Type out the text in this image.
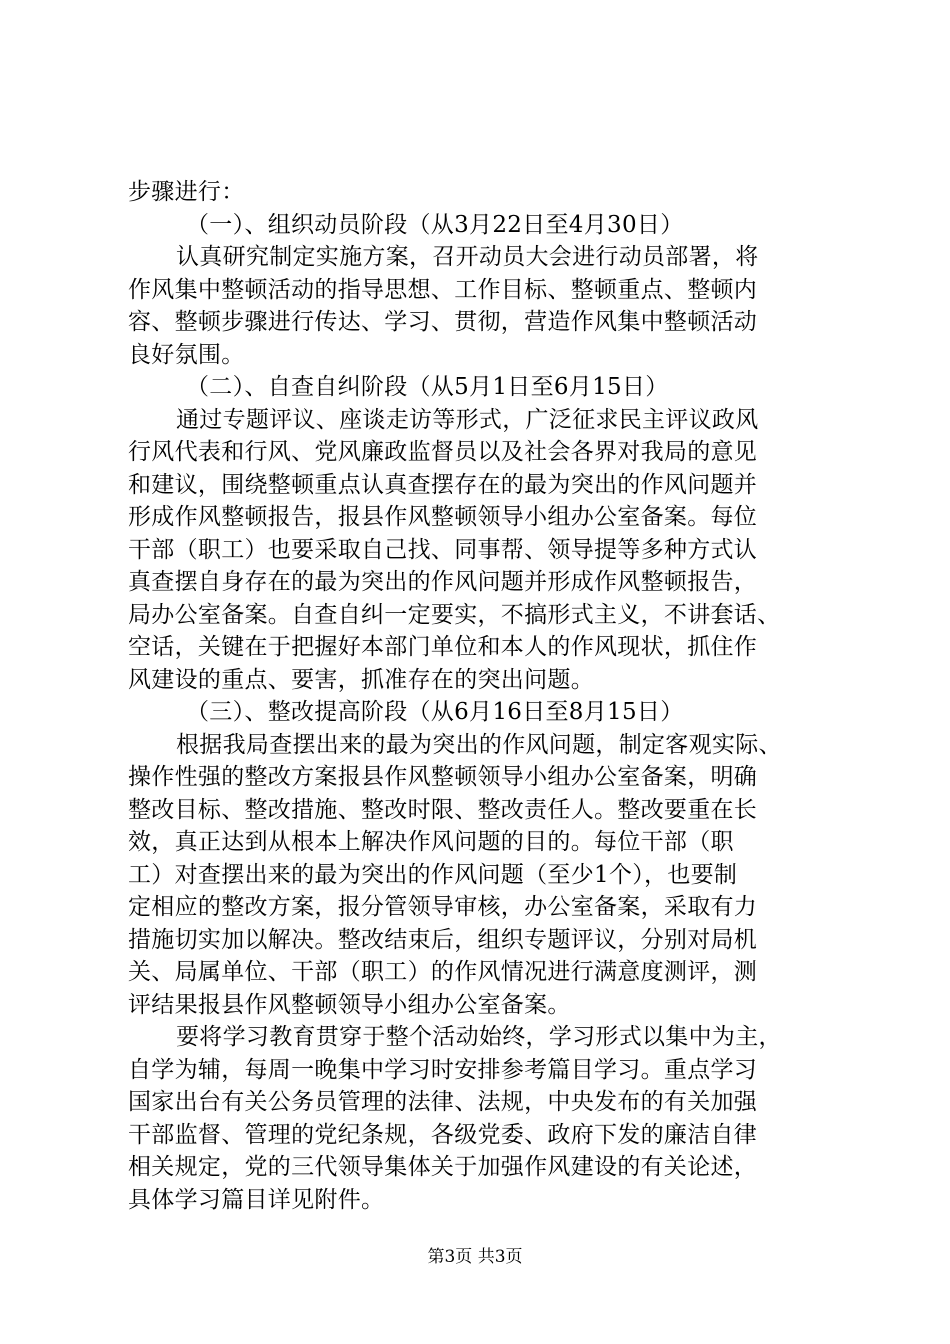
步骤进行：
（一）、组织动员阶段（从3月22日至4月30日）
认真研究制定实施方案，召开动员大会进行动员部署，将
作风集中整顿活动的指导思想、工作目标、整顿重点、整顿内
容、整顿步骤进行传达、学习、贯彻，营造作风集中整顿活动
良好氛围。
（二）、自查自纠阶段（从5月1日至6月15日）
通过专题评议、座谈走访等形式，广泛征求民主评议政风
行风代表和行风、党风廉政监督员以及社会各界对我局的意见
和建议，围绕整顿重点认真查摆存在的最为突出的作风问题并
形成作风整顿报告，报县作风整顿领导小组办公室备案。每位
干部（职工）也要采取自己找、同事帮、领导提等多种方式认
真查摆自身存在的最为突出的作风问题并形成作风整顿报告，
局办公室备案。自查自纠一定要实，不搞形式主义，不讲套话、
空话，关键在于把握好本部门单位和本人的作风现状，抓住作
风建设的重点、要害，抓准存在的突出问题。
（三）、整改提高阶段（从6月16日至8月15日）
根据我局查摆出来的最为突出的作风问题，制定客观实际、
操作性强的整改方案报县作风整顿领导小组办公室备案，明确
整改目标、整改措施、整改时限、整改责任人。整改要重在长
效，真正达到从根本上解决作风问题的目的。每位干部（职
工）对查摆出来的最为突出的作风问题（至少1个），也要制
定相应的整改方案，报分管领导审核，办公室备案，采取有力
措施切实加以解决。整改结束后，组织专题评议，分别对局机
关、局属单位、干部（职工）的作风情况进行满意度测评，测
评结果报县作风整顿领导小组办公室备案。
要将学习教育贯穿于整个活动始终，学习形式以集中为主，
自学为辅，每周一晚集中学习时安排参考篇目学习。重点学习
国家出台有关公务员管理的法律、法规，中央发布的有关加强
干部监督、管理的党纪条规，各级党委、政府下发的廉洁自律
相关规定，党的三代领导集体关于加强作风建设的有关论述，
具体学习篇目详见附件。
第3页 共3页
